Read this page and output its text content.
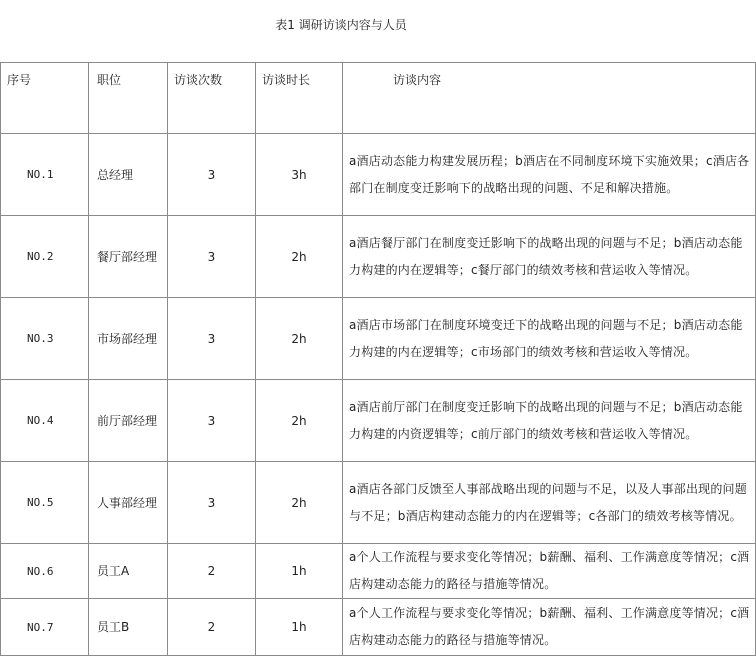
表1 调研访谈内容与人员
序号	职位	访谈次数	访谈时长	访谈内容
NO.1	总经理	3	3h	a酒店动态能力构建发展历程；b酒店在不同制度环境下实施效果；c酒店各部门在制度变迁影响下的战略出现的问题、不足和解决措施。
NO.2	餐厅部经理	3	2h	a酒店餐厅部门在制度变迁影响下的战略出现的问题与不足；b酒店动态能力构建的内在逻辑等；c餐厅部门的绩效考核和营运收入等情况。
NO.3	市场部经理	3	2h	a酒店市场部门在制度环境变迁下的战略出现的问题与不足；b酒店动态能力构建的内在逻辑等；c市场部门的绩效考核和营运收入等情况。
NO.4	前厅部经理	3	2h	a酒店前厅部门在制度变迁影响下的战略出现的问题与不足；b酒店动态能力构建的内资逻辑等；c前厅部门的绩效考核和营运收入等情况。
NO.5	人事部经理	3	2h	a酒店各部门反馈至人事部战略出现的问题与不足，以及人事部出现的问题与不足；b酒店构建动态能力的内在逻辑等；c各部门的绩效考核等情况。
NO.6	员工A	2	1h	a个人工作流程与要求变化等情况；b薪酬、福利、工作满意度等情况；c酒店构建动态能力的路径与措施等情况。
NO.7	员工B	2	1h	a个人工作流程与要求变化等情况；b薪酬、福利、工作满意度等情况；c酒店构建动态能力的路径与措施等情况。
